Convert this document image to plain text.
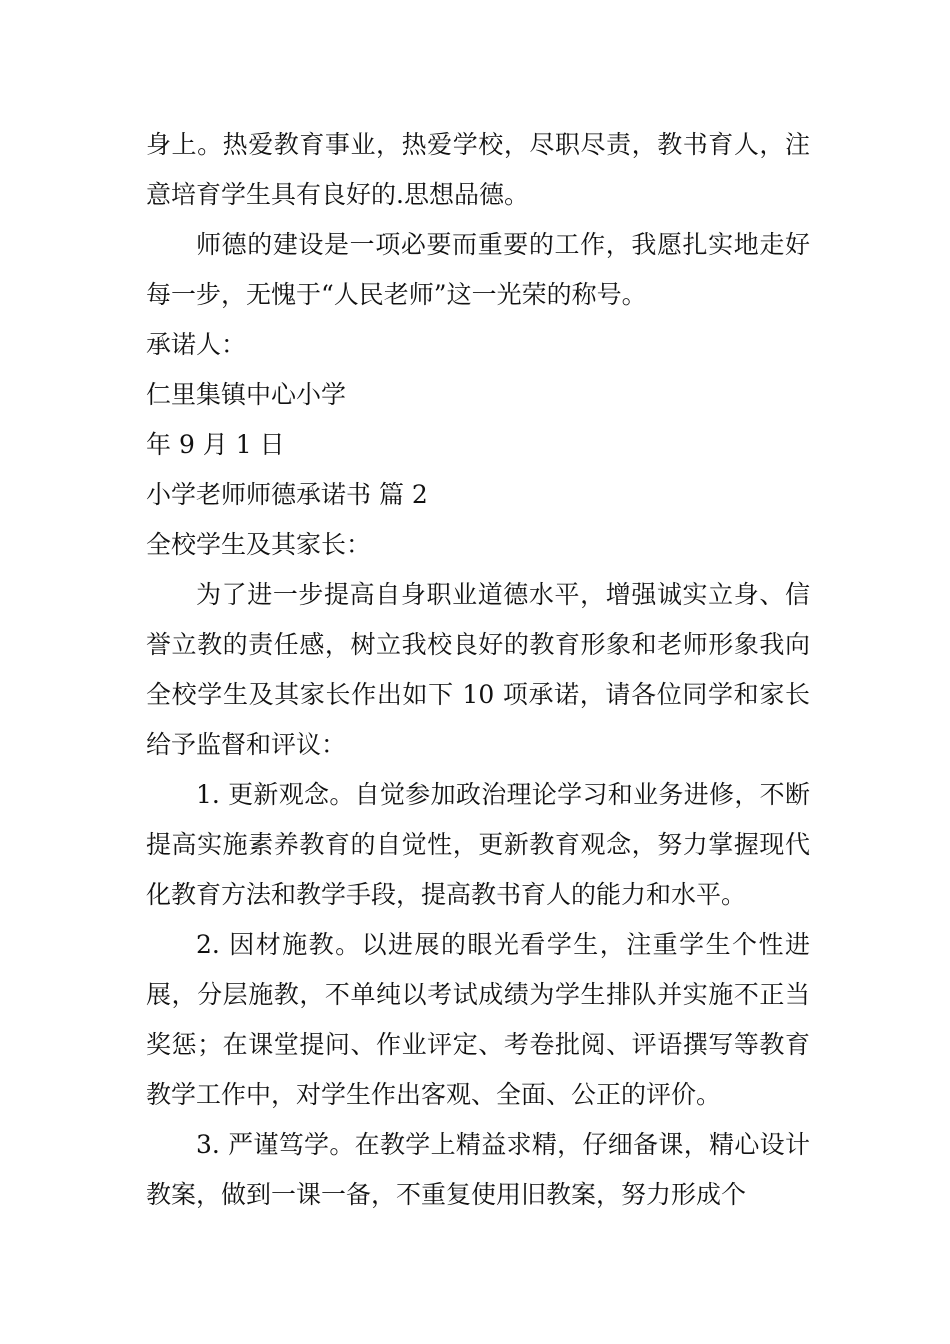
身上。热爱教育事业，热爱学校，尽职尽责，教书育人，注意培育学生具有良好的.思想品德。

师德的建设是一项必要而重要的工作，我愿扎实地走好每一步，无愧于“人民老师”这一光荣的称号。

承诺人：

仁里集镇中心小学

年 9 月 1 日

小学老师师德承诺书 篇 2

全校学生及其家长：

为了进一步提高自身职业道德水平，增强诚实立身、信誉立教的责任感，树立我校良好的教育形象和老师形象我向全校学生及其家长作出如下 10 项承诺，请各位同学和家长给予监督和评议：

1. 更新观念。自觉参加政治理论学习和业务进修，不断提高实施素养教育的自觉性，更新教育观念，努力掌握现代化教育方法和教学手段，提高教书育人的能力和水平。

2. 因材施教。以进展的眼光看学生，注重学生个性进展，分层施教，不单纯以考试成绩为学生排队并实施不正当奖惩；在课堂提问、作业评定、考卷批阅、评语撰写等教育教学工作中，对学生作出客观、全面、公正的评价。

3. 严谨笃学。在教学上精益求精，仔细备课，精心设计教案，做到一课一备，不重复使用旧教案，努力形成个
